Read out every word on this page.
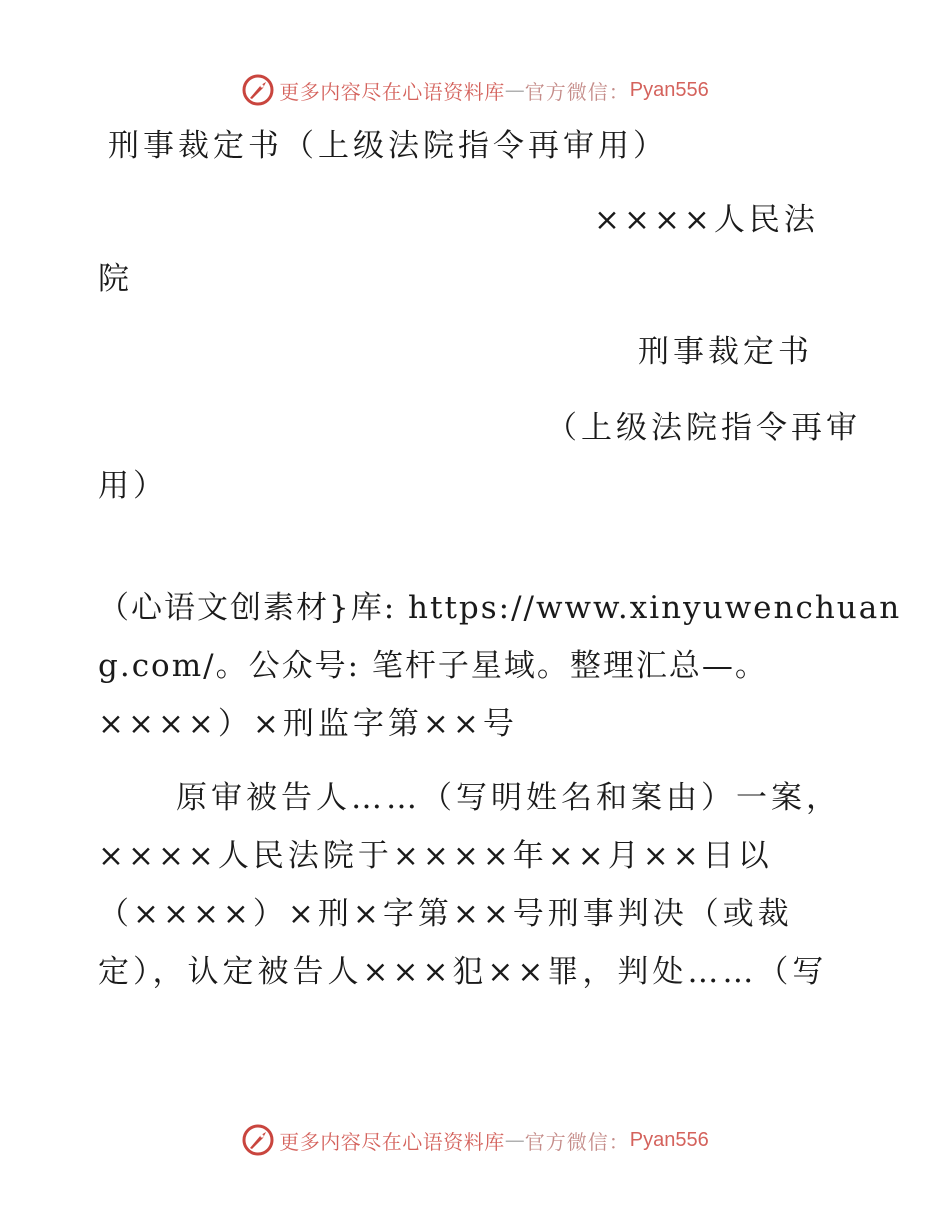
更多内容尽在心语资料库 — 官方微信： Pyan556
刑事裁定书（上级法院指令再审用）
××××人民法
院
刑事裁定书
（上级法院指令再审
用）
（心语文创素材}库: https://www.xinyuwenchuan
g.com/。公众号: 笔杆子星域。整理汇总—。
××××）×刑监字第××号
原审被告人……（写明姓名和案由）一案，
××××人民法院于××××年××月××日以
（××××）×刑×字第××号刑事判决（或裁
定），认定被告人×××犯××罪，判处……（写
更多内容尽在心语资料库 — 官方微信： Pyan556
